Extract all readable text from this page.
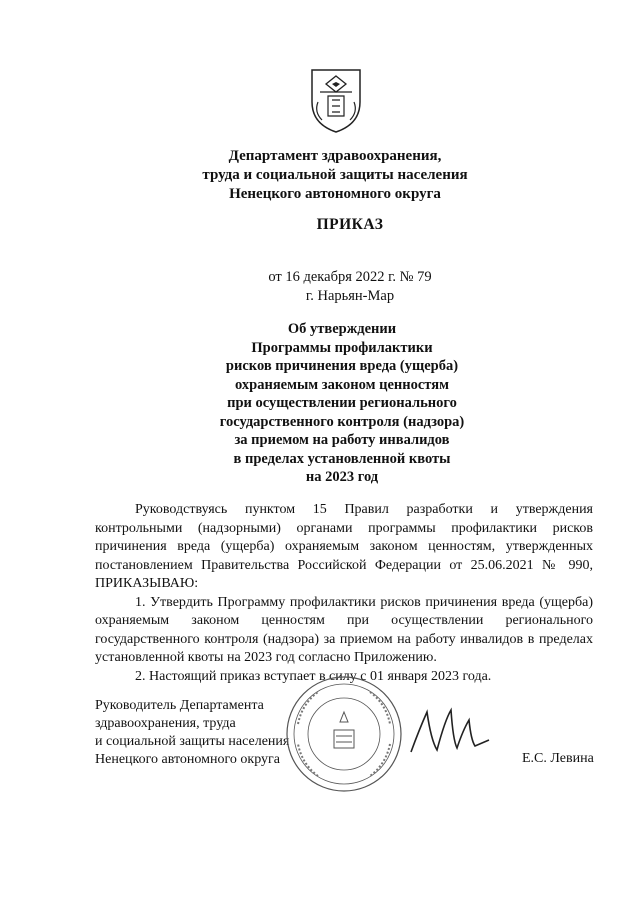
Департамент здравоохранения,
труда и социальной защиты населения
Ненецкого автономного округа
ПРИКАЗ
от 16 декабря 2022 г. № 79
г. Нарьян-Мар
Об утверждении
Программы профилактики
рисков причинения вреда (ущерба)
охраняемым законом ценностям
при осуществлении регионального
государственного контроля (надзора)
за приемом на работу инвалидов
в пределах установленной квоты
на 2023 год

Руководствуясь пунктом 15 Правил разработки и утверждения контрольными (надзорными) органами программы профилактики рисков причинения вреда (ущерба) охраняемым законом ценностям, утвержденных постановлением Правительства Российской Федерации от 25.06.2021 № 990, ПРИКАЗЫВАЮ:

1. Утвердить Программу профилактики рисков причинения вреда (ущерба) охраняемым законом ценностям при осуществлении регионального государственного контроля (надзора) за приемом на работу инвалидов в пределах установленной квоты на 2023 год согласно Приложению.

2. Настоящий приказ вступает в силу с 01 января 2023 года.

Руководитель Департамента
здравоохранения, труда
и социальной защиты населения
Ненецкого автономного округа	Е.С. Левина
